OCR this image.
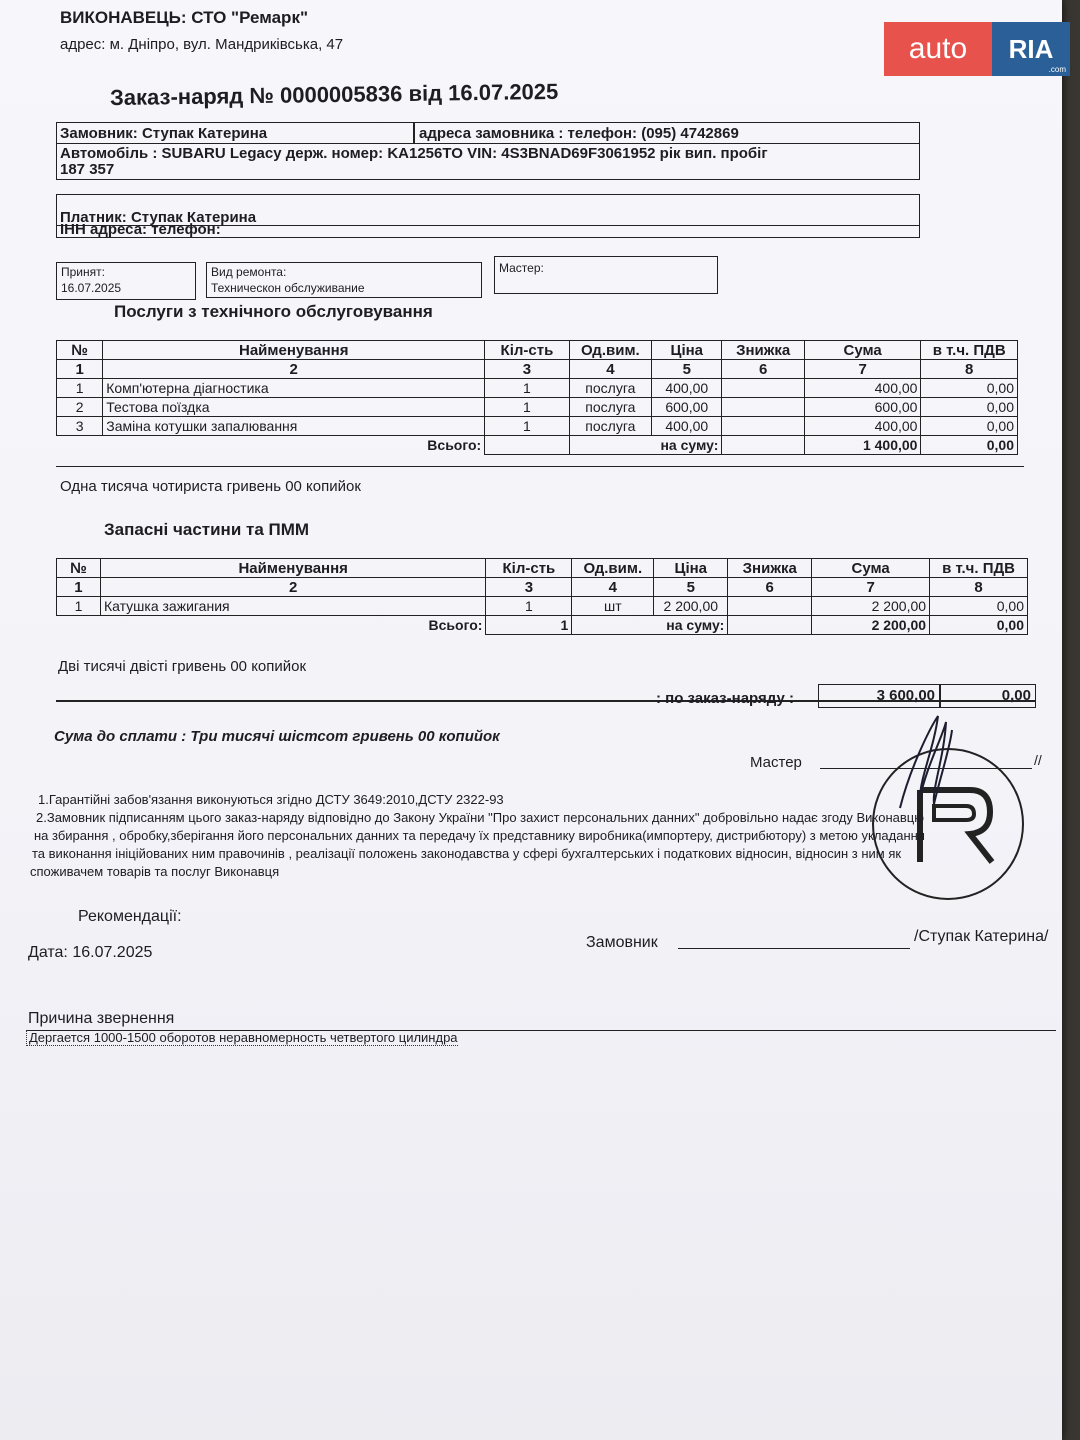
ВИКОНАВЕЦЬ: СТО "Ремарк"
адрес: м. Дніпро, вул. Мандриківська, 47
Заказ-наряд № 0000005836 від 16.07.2025
Замовник: Ступак Катерина	адреса замовника : телефон: (095) 4742869
Автомобіль : SUBARU Legacy держ. номер: KA1256TO VIN: 4S3BNAD69F3061952 рік вип. пробіг
187 357
Платник: Ступак Катерина
ІНН адреса: телефон:
Принят:
16.07.2025
Вид ремонта:
Техническон обслуживание
Мастер:
Послуги з технічного обслуговування
№	Найменування	Кіл-сть	Од.вим.	Ціна	Знижка	Сума	в т.ч. ПДВ
1	2	3	4	5	6	7	8
1	Комп'ютерна діагностика	1	послуга	400,00		400,00	0,00
2	Тестова поїздка	1	послуга	600,00		600,00	0,00
3	Заміна котушки запалювання	1	послуга	400,00		400,00	0,00
Всього:			на суму:			1 400,00	0,00
Одна тисяча чотириста гривень 00 копийок
Запасні частини та ПММ
№	Найменування	Кіл-сть	Од.вим.	Ціна	Знижка	Сума	в т.ч. ПДВ
1	2	3	4	5	6	7	8
1	Катушка зажигания	1	шт	2 200,00		2 200,00	0,00
Всього:		1	на суму:			2 200,00	0,00
Дві тисячі двісті гривень 00 копийок
: по заказ-наряду :	3 600,00	0,00
Сума до сплати : Три тисячі шістсот гривень 00 копийок
Мастер	//
1.Гарантійні забов'язання виконуються згідно ДСТУ 3649:2010,ДСТУ 2322-93
2.Замовник підписанням цього заказ-наряду відповідно до Закону України "Про захист персональних данних" добровільно надає згоду Виконавцю
на збирання , обробку,зберігання його персональних данних та передачу їх представнику виробника(импортеру, дистрибютору) з метою укладання
та виконання ініційованих ним правочинів , реалізації положень законодавства у сфері бухгалтерських і податкових відносин, відносин з ним як
споживачем товарів та послуг Виконавця
Рекомендації:
Дата: 16.07.2025
Замовник	/Ступак Катерина/
Причина звернення
Дергается 1000-1500 оборотов неравномерность четвертого цилиндра
auto	RIA
.com
